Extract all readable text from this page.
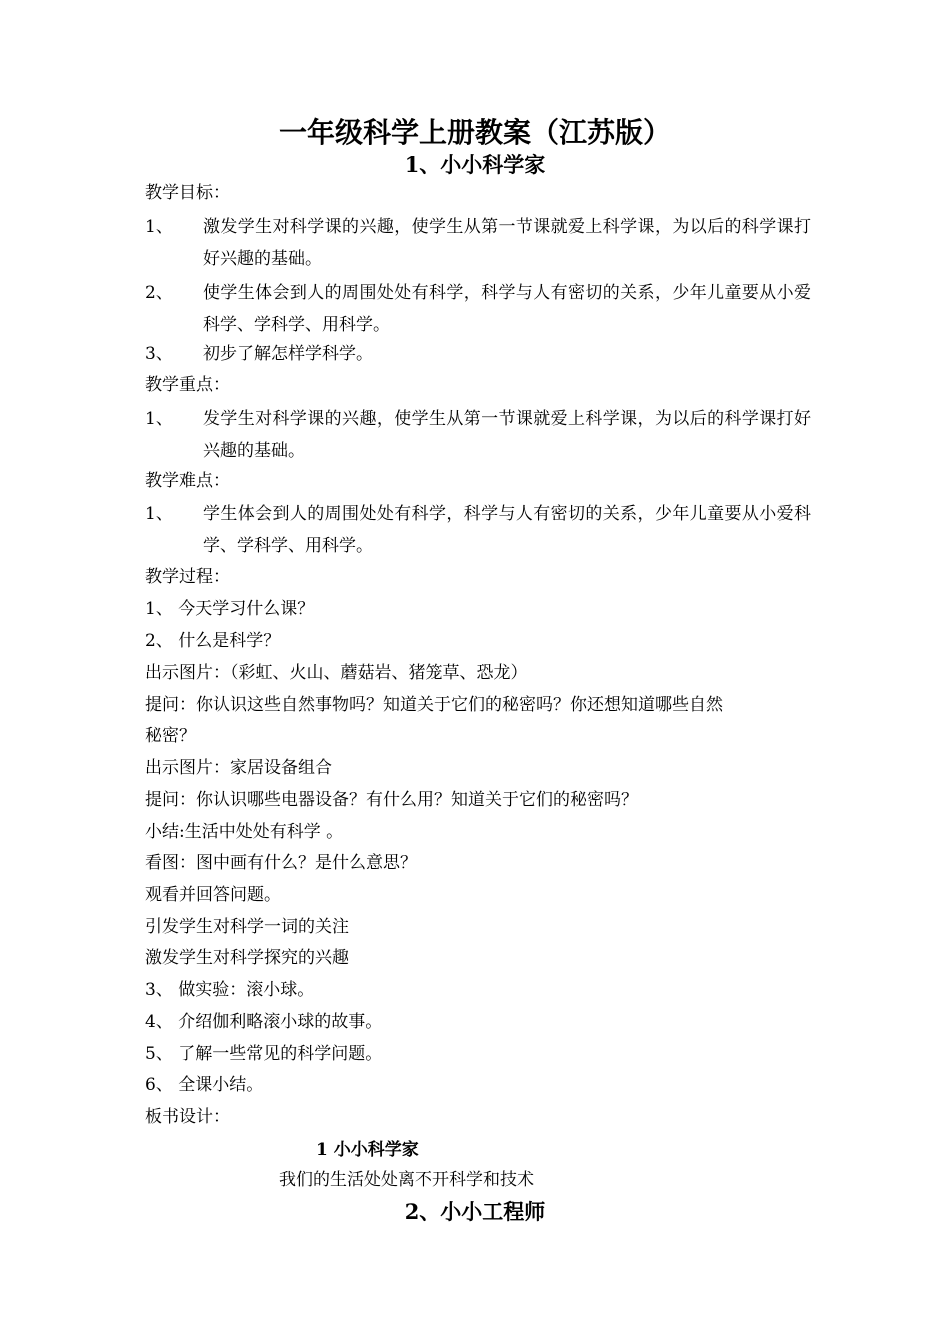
一年级科学上册教案（江苏版）
1、小小科学家
教学目标：
1、 激发学生对科学课的兴趣，使学生从第一节课就爱上科学课，为以后的科学课打好兴趣的基础。
2、 使学生体会到人的周围处处有科学，科学与人有密切的关系，少年儿童要从小爱科学、学科学、用科学。
3、 初步了解怎样学科学。
教学重点：
1、 发学生对科学课的兴趣，使学生从第一节课就爱上科学课，为以后的科学课打好兴趣的基础。
教学难点：
1、 学生体会到人的周围处处有科学，科学与人有密切的关系，少年儿童要从小爱科学、学科学、用科学。
教学过程：
1、 今天学习什么课？
2、 什么是科学？
出示图片：（彩虹、火山、蘑菇岩、猪笼草、恐龙）
提问：你认识这些自然事物吗？知道关于它们的秘密吗？你还想知道哪些自然
秘密？
出示图片：家居设备组合
提问：你认识哪些电器设备？有什么用？知道关于它们的秘密吗？
小结:生活中处处有科学 。
看图：图中画有什么？是什么意思？
观看并回答问题。
引发学生对科学一词的关注
激发学生对科学探究的兴趣
3、 做实验：滚小球。
4、 介绍伽利略滚小球的故事。
5、 了解一些常见的科学问题。
6、 全课小结。
板书设计：
1 小小科学家
我们的生活处处离不开科学和技术
2、小小工程师
